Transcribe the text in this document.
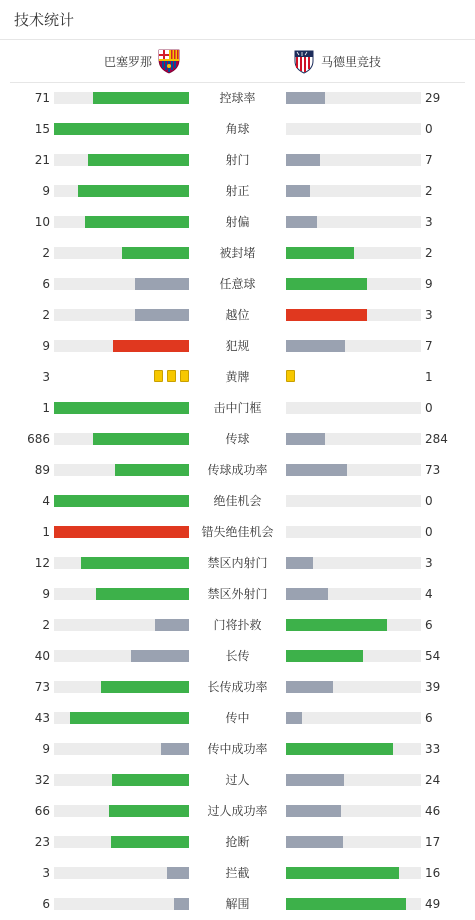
技术统计
巴塞罗那	马德里竞技
71	控球率	29
15	角球	0
21	射门	7
9	射正	2
10	射偏	3
2	被封堵	2
6	任意球	9
2	越位	3
9	犯规	7
3	黄牌	1
1	击中门框	0
686	传球	284
89	传球成功率	73
4	绝佳机会	0
1	错失绝佳机会	0
12	禁区内射门	3
9	禁区外射门	4
2	门将扑救	6
40	长传	54
73	长传成功率	39
43	传中	6
9	传中成功率	33
32	过人	24
66	过人成功率	46
23	抢断	17
3	拦截	16
6	解围	49
